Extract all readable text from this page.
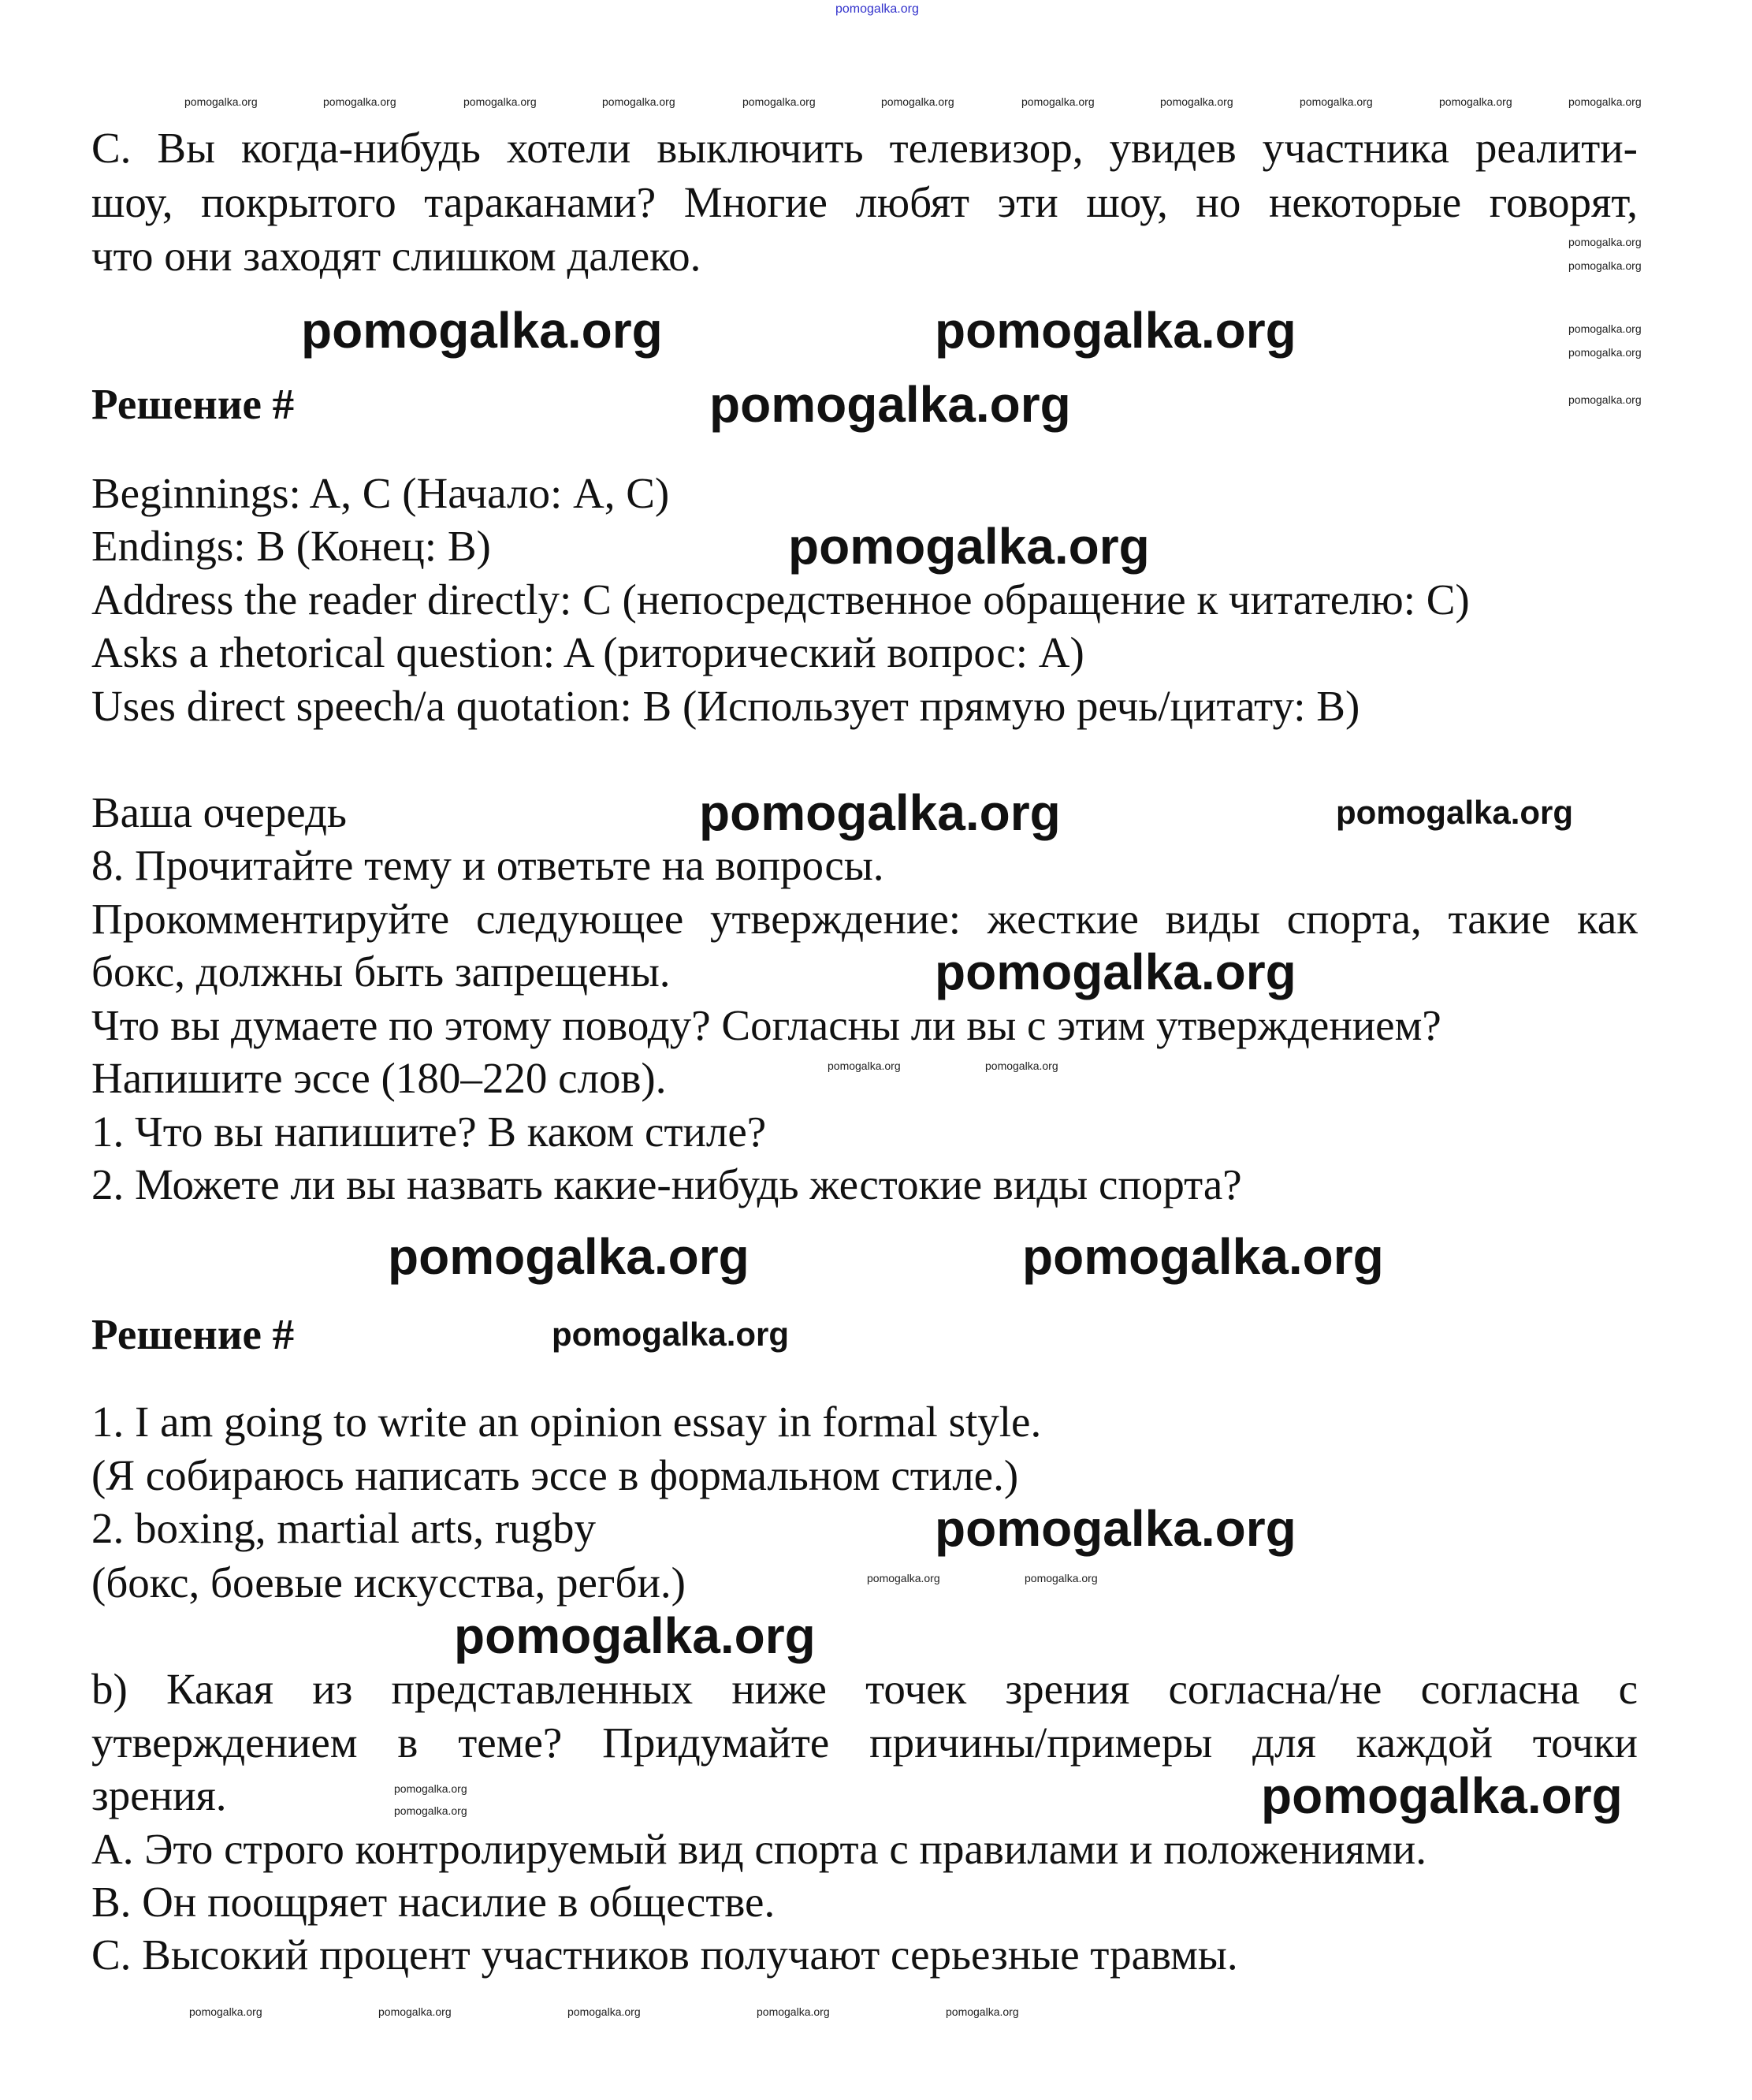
pomogalka.org
C. Вы когда-нибудь хотели выключить телевизор, увидев участника реалити-
шоу, покрытого тараканами? Многие любят эти шоу, но некоторые говорят,
что они заходят слишком далеко.
Решение #
Beginnings: A, C (Начало: A, C)
Endings: B (Конец: B)
Address the reader directly: C (непосредственное обращение к читателю: C)
Asks a rhetorical question: A (риторический вопрос: A)
Uses direct speech/a quotation: B (Использует прямую речь/цитату: B)
Ваша очередь
8. Прочитайте тему и ответьте на вопросы.
Прокомментируйте следующее утверждение: жесткие виды спорта, такие как
бокс, должны быть запрещены.
Что вы думаете по этому поводу? Согласны ли вы с этим утверждением?
Напишите эссе (180–220 слов).
1. Что вы напишите? В каком стиле?
2. Можете ли вы назвать какие-нибудь жестокие виды спорта?
Решение #
1. I am going to write an opinion essay in formal style.
(Я собираюсь написать эссе в формальном стиле.)
2. boxing, martial arts, rugby
(бокс, боевые искусства, регби.)
b) Какая из представленных ниже точек зрения согласна/не согласна с
утверждением в теме? Придумайте причины/примеры для каждой точки
зрения.
A. Это строго контролируемый вид спорта с правилами и положениями.
B. Он поощряет насилие в обществе.
C. Высокий процент участников получают серьезные травмы.
pomogalka.org	pomogalka.org
pomogalka.org
pomogalka.org
pomogalka.org
pomogalka.org
pomogalka.org	pomogalka.org
pomogalka.org
pomogalka.org
pomogalka.org
pomogalka.org
pomogalka.org
pomogalka.org	pomogalka.org	pomogalka.org	pomogalka.org	pomogalka.org	pomogalka.org	pomogalka.org	pomogalka.org	pomogalka.org	pomogalka.org	pomogalka.org
pomogalka.org
pomogalka.org
pomogalka.org
pomogalka.org
pomogalka.org
pomogalka.org	pomogalka.org
pomogalka.org	pomogalka.org
pomogalka.org
pomogalka.org
pomogalka.org	pomogalka.org	pomogalka.org	pomogalka.org	pomogalka.org
